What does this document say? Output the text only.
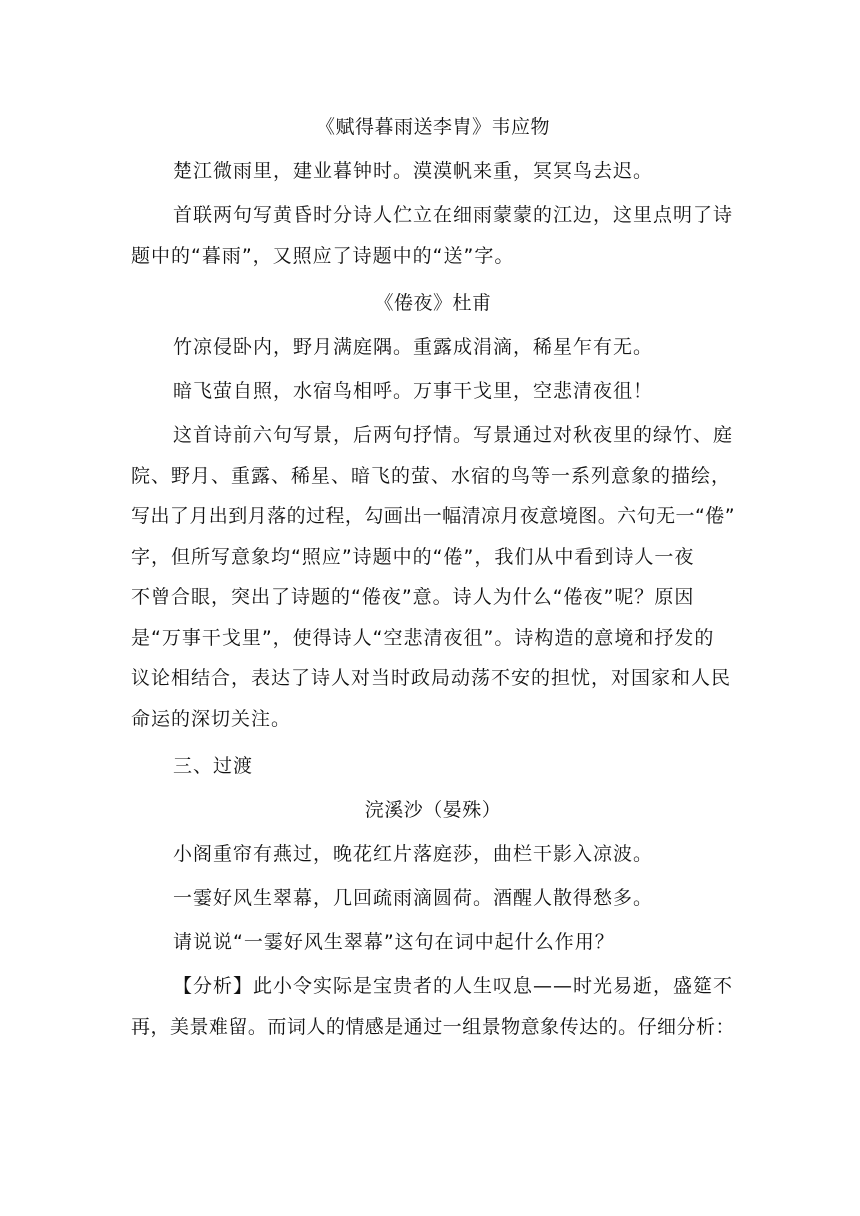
《赋得暮雨送李胄》韦应物
楚江微雨里，建业暮钟时。漠漠帆来重，冥冥鸟去迟。
首联两句写黄昏时分诗人伫立在细雨蒙蒙的江边，这里点明了诗
题中的“暮雨”，又照应了诗题中的“送”字。
《倦夜》杜甫
竹凉侵卧内，野月满庭隅。重露成涓滴，稀星乍有无。
暗飞萤自照，水宿鸟相呼。万事干戈里，空悲清夜徂！
这首诗前六句写景，后两句抒情。写景通过对秋夜里的绿竹、庭
院、野月、重露、稀星、暗飞的萤、水宿的鸟等一系列意象的描绘，
写出了月出到月落的过程，勾画出一幅清凉月夜意境图。六句无一“倦”
字，但所写意象均“照应”诗题中的“倦”，我们从中看到诗人一夜
不曾合眼，突出了诗题的“倦夜”意。诗人为什么“倦夜”呢？原因
是“万事干戈里”，使得诗人“空悲清夜徂”。诗构造的意境和抒发的
议论相结合，表达了诗人对当时政局动荡不安的担忧，对国家和人民
命运的深切关注。
三、过渡
浣溪沙（晏殊）
小阁重帘有燕过，晚花红片落庭莎，曲栏干影入凉波。
一霎好风生翠幕，几回疏雨滴圆荷。酒醒人散得愁多。
请说说“一霎好风生翠幕”这句在词中起什么作用？
【分析】此小令实际是宝贵者的人生叹息——时光易逝，盛筵不
再，美景难留。而词人的情感是通过一组景物意象传达的。仔细分析：
